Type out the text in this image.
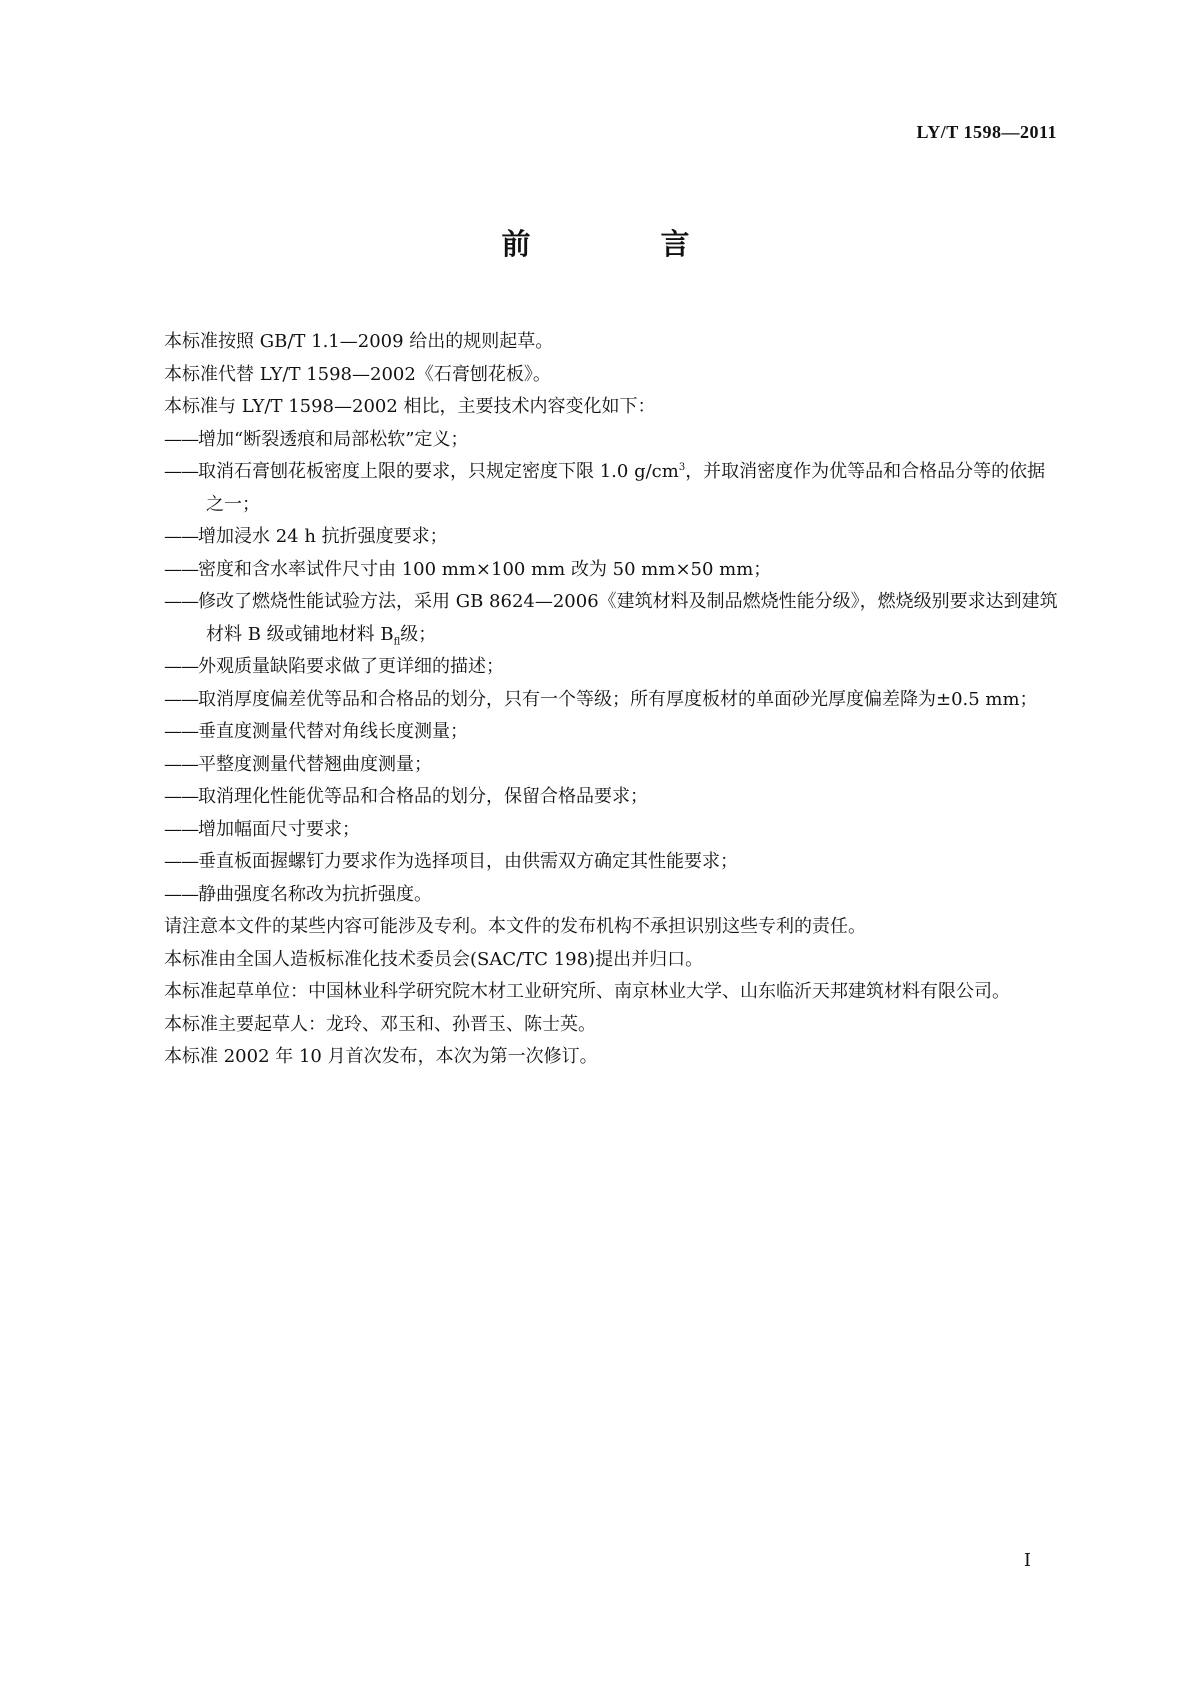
LY/T 1598—2011
前 言

本标准按照 GB/T 1.1—2009 给出的规则起草。

本标准代替 LY/T 1598—2002《石膏刨花板》。

本标准与 LY/T 1598—2002 相比，主要技术内容变化如下：

——增加“断裂透痕和局部松软”定义；

——取消石膏刨花板密度上限的要求，只规定密度下限 1.0 $g/cm^3$，并取消密度作为优等品和合格品分等的依据之一；

——增加浸水 24 h 抗折强度要求；

——密度和含水率试件尺寸由 100 mm×100 mm 改为 50 mm×50 mm；

——修改了燃烧性能试验方法，采用 GB 8624—2006《建筑材料及制品燃烧性能分级》，燃烧级别要求达到建筑材料 B 级或铺地材料 $B_{fl}$级；

——外观质量缺陷要求做了更详细的描述；

——取消厚度偏差优等品和合格品的划分，只有一个等级；所有厚度板材的单面砂光厚度偏差降为±0.5 mm；

——垂直度测量代替对角线长度测量；

——平整度测量代替翘曲度测量；

——取消理化性能优等品和合格品的划分，保留合格品要求；

——增加幅面尺寸要求；

——垂直板面握螺钉力要求作为选择项目，由供需双方确定其性能要求；

——静曲强度名称改为抗折强度。

请注意本文件的某些内容可能涉及专利。本文件的发布机构不承担识别这些专利的责任。

本标准由全国人造板标准化技术委员会(SAC/TC 198)提出并归口。

本标准起草单位：中国林业科学研究院木材工业研究所、南京林业大学、山东临沂天邦建筑材料有限公司。

本标准主要起草人：龙玲、邓玉和、孙晋玉、陈士英。

本标准 2002 年 10 月首次发布，本次为第一次修订。

I
